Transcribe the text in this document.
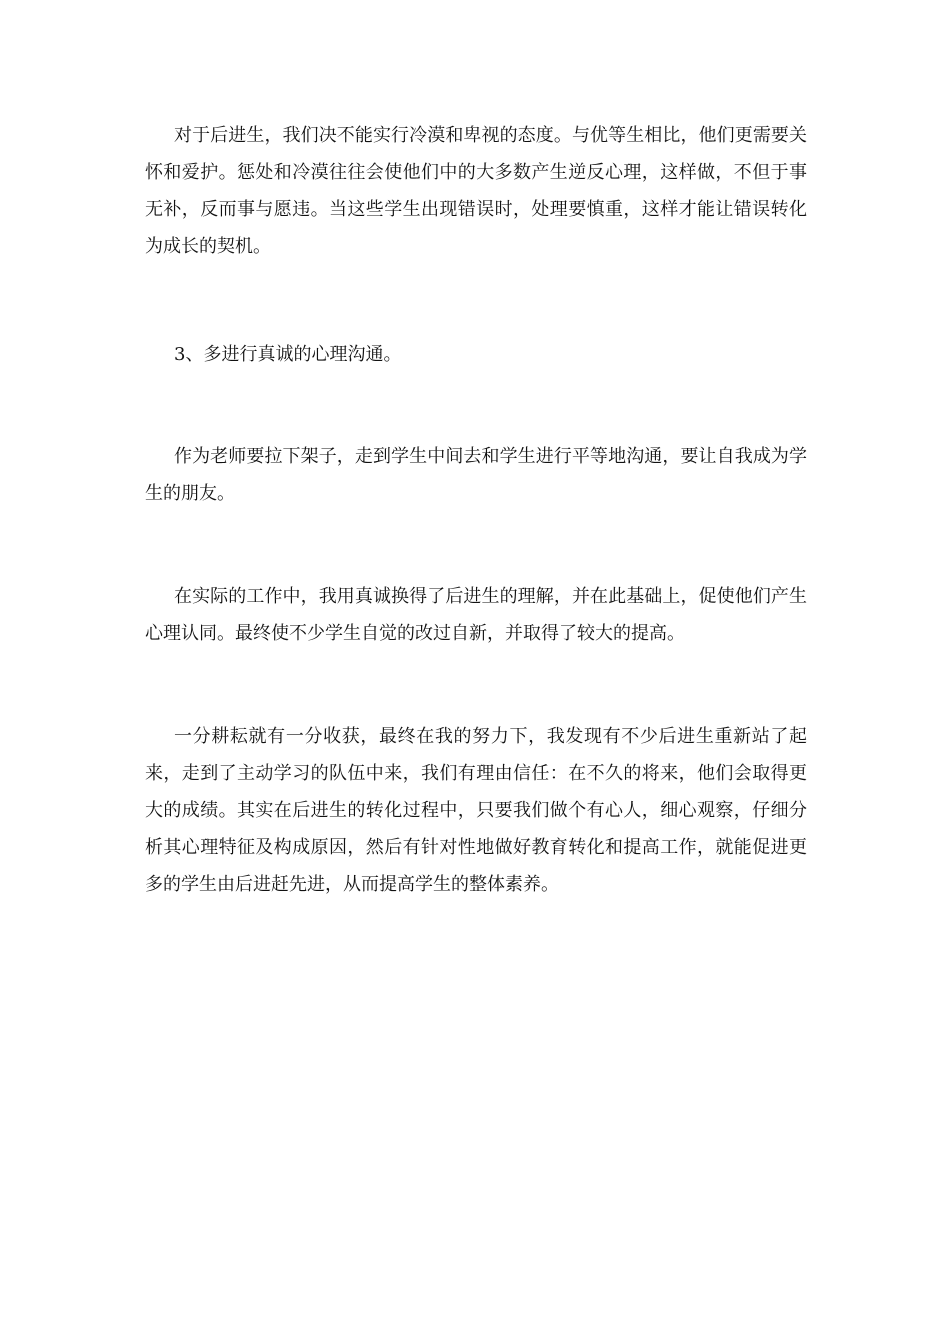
对于后进生，我们决不能实行冷漠和卑视的态度。与优等生相比，他们更需要关怀和爱护。惩处和冷漠往往会使他们中的大多数产生逆反心理，这样做，不但于事无补，反而事与愿违。当这些学生出现错误时，处理要慎重，这样才能让错误转化为成长的契机。

3、多进行真诚的心理沟通。

作为老师要拉下架子，走到学生中间去和学生进行平等地沟通，要让自我成为学生的朋友。

在实际的工作中，我用真诚换得了后进生的理解，并在此基础上，促使他们产生心理认同。最终使不少学生自觉的改过自新，并取得了较大的提高。

一分耕耘就有一分收获，最终在我的努力下，我发现有不少后进生重新站了起来，走到了主动学习的队伍中来，我们有理由信任：在不久的将来，他们会取得更大的成绩。其实在后进生的转化过程中，只要我们做个有心人，细心观察，仔细分析其心理特征及构成原因，然后有针对性地做好教育转化和提高工作，就能促进更多的学生由后进赶先进，从而提高学生的整体素养。
